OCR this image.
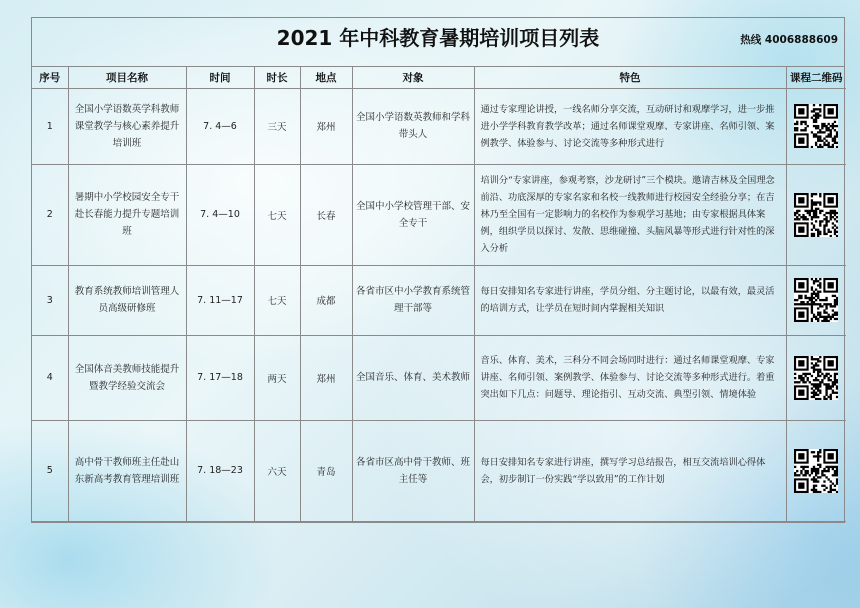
2021 年中科教育暑期培训项目列表	热线 4006888609
序号	项目名称	时间	时长	地点	对象	特色	课程二维码
1	全国小学语数英学科教师课堂教学与核心素养提升培训班	7. 4—6	三天	郑州	全国小学语数英教师和学科带头人	通过专家理论讲授，一线名师分享交流，互动研讨和观摩学习，进一步推进小学学科教育教学改革；通过名师课堂观摩、专家讲座、名师引领、案例教学、体验参与、讨论交流等多种形式进行	
2	暑期中小学校园安全专干赴长春能力提升专题培训班	7. 4—10	七天	长春	全国中小学校管理干部、安全专干	培训分“专家讲座，参观考察，沙龙研讨”三个模块。邀请吉林及全国理念前沿、功底深厚的专家名家和名校一线教师进行校园安全经验分享；在吉林乃至全国有一定影响力的名校作为参观学习基地；由专家根据具体案例，组织学员以探讨、发散、思维碰撞、头脑风暴等形式进行针对性的深入分析	
3	教育系统教师培训管理人员高级研修班	7. 11—17	七天	成都	各省市区中小学教育系统管理干部等	每日安排知名专家进行讲座，学员分组、分主题讨论，以最有效，最灵活的培训方式，让学员在短时间内掌握相关知识	
4	全国体音美教师技能提升暨教学经验交流会	7. 17—18	两天	郑州	全国音乐、体育、美术教师	音乐、体育、美术，三科分不同会场同时进行：通过名师课堂观摩、专家讲座、名师引领、案例教学、体验参与、讨论交流等多种形式进行。着重突出如下几点：问题导、理论指引、互动交流、典型引领、情境体验	
5	高中骨干教师班主任赴山东新高考教育管理培训班	7. 18—23	六天	青岛	各省市区高中骨干教师、班主任等	每日安排知名专家进行讲座，撰写学习总结报告，相互交流培训心得体会，初步制订一份实践“学以致用”的工作计划	
